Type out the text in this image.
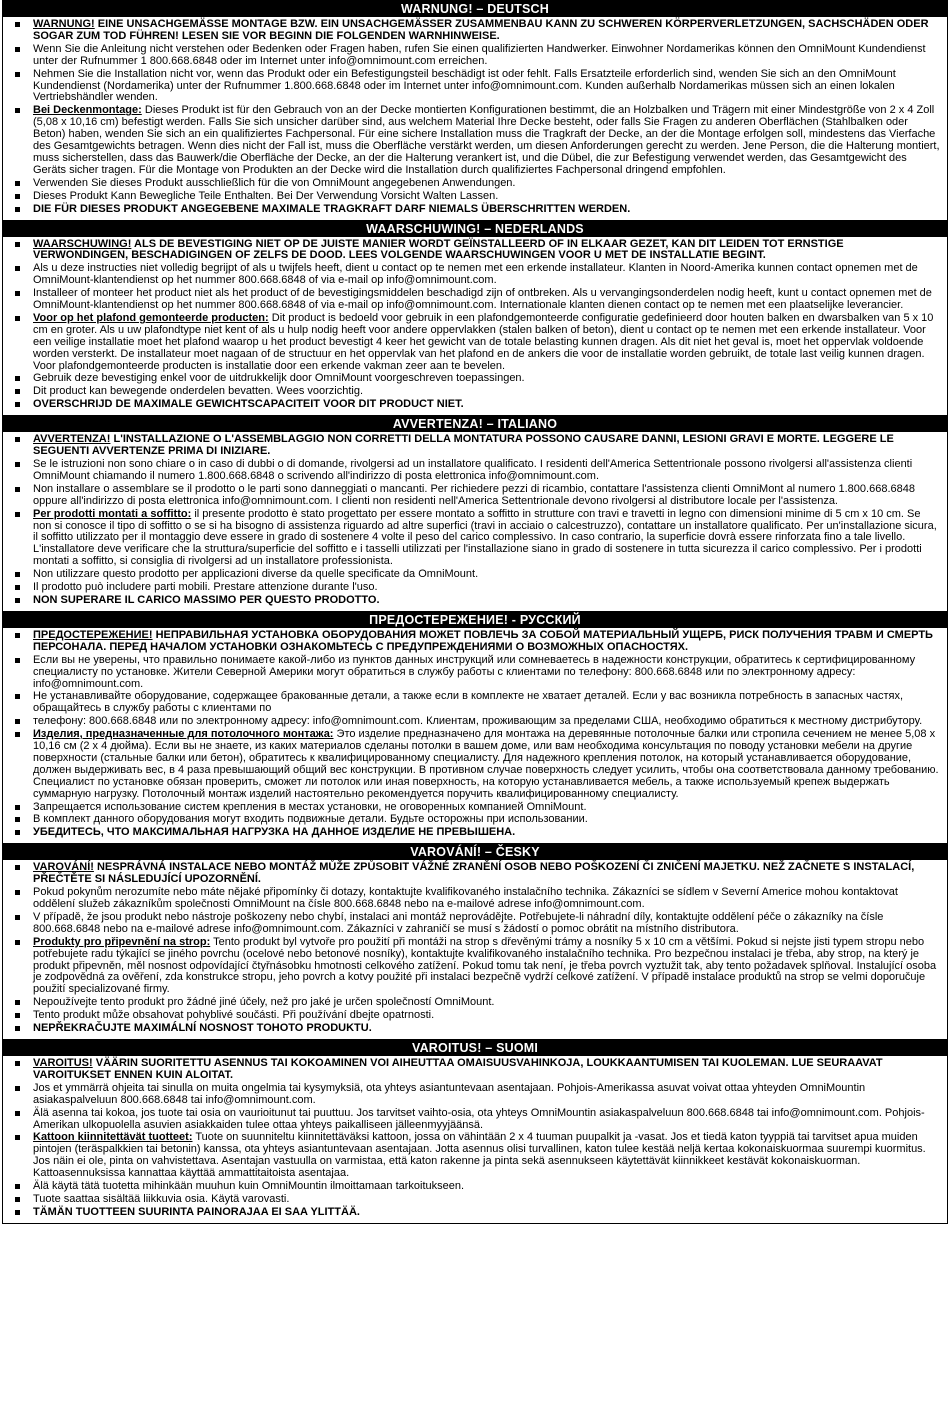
WARNUNG! – DEUTSCH
WARNUNG! EINE UNSACHGEMÄSSE MONTAGE BZW. EIN UNSACHGEMÄSSER ZUSAMMENBAU KANN ZU SCHWEREN KÖRPERVERLETZUNGEN, SACHSCHÄDEN ODER SOGAR ZUM TOD FÜHREN! LESEN SIE VOR BEGINN DIE FOLGENDEN WARNHINWEISE.
Wenn Sie die Anleitung nicht verstehen oder Bedenken oder Fragen haben, rufen Sie einen qualifizierten Handwerker. Einwohner Nordamerikas können den OmniMount Kundendienst unter der Rufnummer 1 800.668.6848 oder im Internet unter info@omnimount.com erreichen.
Nehmen Sie die Installation nicht vor, wenn das Produkt oder ein Befestigungsteil beschädigt ist oder fehlt. Falls Ersatzteile erforderlich sind, wenden Sie sich an den OmniMount Kundendienst (Nordamerika) unter der Rufnummer 1.800.668.6848 oder im Internet unter info@omnimount.com. Kunden außerhalb Nordamerikas müssen sich an einen lokalen Vertriebshändler wenden.
Bei Deckenmontage: Dieses Produkt ist für den Gebrauch von an der Decke montierten Konfigurationen bestimmt, die an Holzbalken und Trägern mit einer Mindestgröße von 2 x 4 Zoll (5,08 x 10,16 cm) befestigt werden. Falls Sie sich unsicher darüber sind, aus welchem Material Ihre Decke besteht, oder falls Sie Fragen zu anderen Oberflächen (Stahlbalken oder Beton) haben, wenden Sie sich an ein qualifiziertes Fachpersonal. Für eine sichere Installation muss die Tragkraft der Decke, an der die Montage erfolgen soll, mindestens das Vierfache des Gesamtgewichts betragen. Wenn dies nicht der Fall ist, muss die Oberfläche verstärkt werden, um diesen Anforderungen gerecht zu werden. Jene Person, die die Halterung montiert, muss sicherstellen, dass das Bauwerk/die Oberfläche der Decke, an der die Halterung verankert ist, und die Dübel, die zur Befestigung verwendet werden, das Gesamtgewicht des Geräts sicher tragen. Für die Montage von Produkten an der Decke wird die Installation durch qualifiziertes Fachpersonal dringend empfohlen.
Verwenden Sie dieses Produkt ausschließlich für die von OmniMount angegebenen Anwendungen.
Dieses Produkt Kann Bewegliche Teile Enthalten. Bei Der Verwendung Vorsicht Walten Lassen.
DIE FÜR DIESES PRODUKT ANGEGEBENE MAXIMALE TRAGKRAFT DARF NIEMALS ÜBERSCHRITTEN WERDEN.
WAARSCHUWING! – NEDERLANDS
WAARSCHUWING! ALS DE BEVESTIGING NIET OP DE JUISTE MANIER WORDT GEÏNSTALLEERD OF IN ELKAAR GEZET, KAN DIT LEIDEN TOT ERNSTIGE VERWONDINGEN, BESCHADIGINGEN OF ZELFS DE DOOD. LEES VOLGENDE WAARSCHUWINGEN VOOR U MET DE INSTALLATIE BEGINT.
Als u deze instructies niet volledig begrijpt of als u twijfels heeft, dient u contact op te nemen met een erkende installateur. Klanten in Noord-Amerika kunnen contact opnemen met de OmniMount-klantendienst op het nummer 800.668.6848 of via e-mail op info@omnimount.com.
Installeer of monteer het product niet als het product of de bevestigingsmiddelen beschadigd zijn of ontbreken. Als u vervangingsonderdelen nodig heeft, kunt u contact opnemen met de OmniMount-klantendienst op het nummer 800.668.6848 of via e-mail op info@omnimount.com. Internationale klanten dienen contact op te nemen met een plaatselijke leverancier.
Voor op het plafond gemonteerde producten: Dit product is bedoeld voor gebruik in een plafondgemonteerde configuratie gedefinieerd door houten balken en dwarsbalken van 5 x 10 cm en groter. Als u uw plafondtype niet kent of als u hulp nodig heeft voor andere oppervlakken (stalen balken of beton), dient u contact op te nemen met een erkende installateur. Voor een veilige installatie moet het plafond waarop u het product bevestigt 4 keer het gewicht van de totale belasting kunnen dragen. Als dit niet het geval is, moet het oppervlak voldoende worden versterkt. De installateur moet nagaan of de structuur en het oppervlak van het plafond en de ankers die voor de installatie worden gebruikt, de totale last veilig kunnen dragen. Voor plafondgemonteerde producten is installatie door een erkende vakman zeer aan te bevelen.
Gebruik deze bevestiging enkel voor de uitdrukkelijk door OmniMount voorgeschreven toepassingen.
Dit product kan bewegende onderdelen bevatten. Wees voorzichtig.
OVERSCHRIJD DE MAXIMALE GEWICHTSCAPACITEIT VOOR DIT PRODUCT NIET.
AVVERTENZA! – ITALIANO
AVVERTENZA! L'INSTALLAZIONE O L'ASSEMBLAGGIO NON CORRETTI DELLA MONTATURA POSSONO CAUSARE DANNI, LESIONI GRAVI E MORTE. LEGGERE LE SEGUENTI AVVERTENZE PRIMA DI INIZIARE.
Se le istruzioni non sono chiare o in caso di dubbi o di domande, rivolgersi ad un installatore qualificato. I residenti dell'America Settentrionale possono rivolgersi all'assistenza clienti OmniMount chiamando il numero 1.800.668.6848 o scrivendo all'indirizzo di posta elettronica info@omnimount.com.
Non installare o assemblare se il prodotto o le parti sono danneggiati o mancanti. Per richiedere pezzi di ricambio, contattare l'assistenza clienti OmniMont al numero 1.800.668.6848 oppure all'indirizzo di posta elettronica info@omnimount.com. I clienti non residenti nell'America Settentrionale devono rivolgersi al distributore locale per l'assistenza.
Per prodotti montati a soffitto: il presente prodotto è stato progettato per essere montato a soffitto in strutture con travi e travetti in legno con dimensioni minime di 5 cm x 10 cm. Se non si conosce il tipo di soffitto o se si ha bisogno di assistenza riguardo ad altre superfici (travi in acciaio o calcestruzzo), contattare un installatore qualificato. Per un'installazione sicura, il soffitto utilizzato per il montaggio deve essere in grado di sostenere 4 volte il peso del carico complessivo. In caso contrario, la superficie dovrà essere rinforzata fino a tale livello. L'installatore deve verificare che la struttura/superficie del soffitto e i tasselli utilizzati per l'installazione siano in grado di sostenere in tutta sicurezza il carico complessivo. Per i prodotti montati a soffitto, si consiglia di rivolgersi ad un installatore professionista.
Non utilizzare questo prodotto per applicazioni diverse da quelle specificate da OmniMount.
Il prodotto può includere parti mobili. Prestare attenzione durante l'uso.
NON SUPERARE IL CARICO MASSIMO PER QUESTO PRODOTTO.
ПРЕДОСТЕРЕЖЕНИЕ! - РУССКИЙ
ПРЕДОСТЕРЕЖЕНИЕ! НЕПРАВИЛЬНАЯ УСТАНОВКА ОБОРУДОВАНИЯ МОЖЕТ ПОВЛЕЧЬ ЗА СОБОЙ МАТЕРИАЛЬНЫЙ УЩЕРБ, РИСК ПОЛУЧЕНИЯ ТРАВМ И СМЕРТЬ ПЕРСОНАЛА. ПЕРЕД НАЧАЛОМ УСТАНОВКИ ОЗНАКОМЬТЕСЬ С ПРЕДУПРЕЖДЕНИЯМИ О ВОЗМОЖНЫХ ОПАСНОСТЯХ.
Если вы не уверены, что правильно понимаете какой-либо из пунктов данных инструкций или сомневаетесь в надежности конструкции, обратитесь к сертифицированному специалисту по установке. Жители Северной Америки могут обратиться в службу работы с клиентами по телефону: 800.668.6848 или по электронному адресу: info@omnimount.com.
Не устанавливайте оборудование, содержащее бракованные детали, а также если в комплекте не хватает деталей. Если у вас возникла потребность в запасных частях, обращайтесь в службу работы с клиентами по
телефону: 800.668.6848 или по электронному адресу: info@omnimount.com. Клиентам, проживающим за пределами США, необходимо обратиться к местному дистрибутору.
Изделия, предназначенные для потолочного монтажа: Это изделие предназначено для монтажа на деревянные потолочные балки или стропила сечением не менее 5,08 x 10,16 см (2 x 4 дюйма). Если вы не знаете, из каких материалов сделаны потолки в вашем доме, или вам необходима консультация по поводу установки мебели на другие поверхности (стальные балки или бетон), обратитесь к квалифицированному специалисту. Для надежного крепления потолок, на который устанавливается оборудование, должен выдерживать вес, в 4 раза превышающий общий вес конструкции. В противном случае поверхность следует усилить, чтобы она соответствовала данному требованию. Специалист по установке обязан проверить, сможет ли потолок или иная поверхность, на которую устанавливается мебель, а также используемый крепеж выдержать суммарную нагрузку. Потолочный монтаж изделий настоятельно рекомендуется поручить квалифицированному специалисту.
Запрещается использование систем крепления в местах установки, не оговоренных компанией OmniMount.
В комплект данного оборудования могут входить подвижные детали. Будьте осторожны при использовании.
УБЕДИТЕСЬ, ЧТО МАКСИМАЛЬНАЯ НАГРУЗКА НА ДАННОЕ ИЗДЕЛИЕ НЕ ПРЕВЫШЕНА.
VAROVÁNÍ! – ČESKY
VAROVÁNÍ! NESPRÁVNÁ INSTALACE NEBO MONTÁŽ MŮŽE ZPŮSOBIT VÁŽNÉ ZRANĚNÍ OSOB NEBO POŠKOZENÍ ČI ZNIČENÍ MAJETKU. NEŽ ZAČNETE S INSTALACÍ, PŘEČTĚTE SI NÁSLEDUJÍCÍ UPOZORNĚNÍ.
Pokud pokynům nerozumíte nebo máte nějaké připomínky či dotazy, kontaktujte kvalifikovaného instalačního technika. Zákazníci se sídlem v Severní Americe mohou kontaktovat oddělení služeb zákazníkům společnosti OmniMount na čísle 800.668.6848 nebo na e-mailové adrese info@omnimount.com.
V případě, že jsou produkt nebo nástroje poškozeny nebo chybí, instalaci ani montáž neprovádějte. Potřebujete-li náhradní díly, kontaktujte oddělení péče o zákazníky na čísle 800.668.6848 nebo na e-mailové adrese info@omnimount.com. Zákazníci v zahraničí se musí s žádostí o pomoc obrátit na místního distributora.
Produkty pro připevnění na strop: Tento produkt byl vytvoře pro použití při montáži na strop s dřevěnými trámy a nosníky 5 x 10 cm a většími. Pokud si nejste jisti typem stropu nebo potřebujete radu týkající se jiného povrchu (ocelové nebo betonové nosníky), kontaktujte kvalifikovaného instalačního technika. Pro bezpečnou instalaci je třeba, aby strop, na který je produkt připevněn, měl nosnost odpovídající čtyřnásobku hmotnosti celkového zatížení. Pokud tomu tak není, je třeba povrch vyztužit tak, aby tento požadavek splňoval. Instalující osoba je zodpovědná za ověření, zda konstrukce stropu, jeho povrch a kotvy použité při instalaci bezpečně vydrží celkové zatížení. V případě instalace produktů na strop se velmi doporučuje použití specializované firmy.
Nepoužívejte tento produkt pro žádné jiné účely, než pro jaké je určen společností OmniMount.
Tento produkt může obsahovat pohyblivé součásti. Při používání dbejte opatrnosti.
NEPŘEKRAČUJTE MAXIMÁLNÍ NOSNOST TOHOTO PRODUKTU.
VAROITUS! – SUOMI
VAROITUS! VÄÄRIN SUORITETTU ASENNUS TAI KOKOAMINEN VOI AIHEUTTAA OMAISUUSVAHINKOJA, LOUKKAANTUMISEN TAI KUOLEMAN. LUE SEURAAVAT VAROITUKSET ENNEN KUIN ALOITAT.
Jos et ymmärrä ohjeita tai sinulla on muita ongelmia tai kysymyksiä, ota yhteys asiantuntevaan asentajaan. Pohjois-Amerikassa asuvat voivat ottaa yhteyden OmniMountin asiakaspalveluun 800.668.6848 tai info@omnimount.com.
Älä asenna tai kokoa, jos tuote tai osia on vaurioitunut tai puuttuu. Jos tarvitset vaihto-osia, ota yhteys OmniMountin asiakaspalveluun 800.668.6848 tai info@omnimount.com. Pohjois-Amerikan ulkopuolella asuvien asiakkaiden tulee ottaa yhteys paikalliseen jälleenmyyjäänsä.
Kattoon kiinnitettävät tuotteet: Tuote on suunniteltu kiinnitettäväksi kattoon, jossa on vähintään 2 x 4 tuuman puupalkit ja -vasat. Jos et tiedä katon tyyppiä tai tarvitset apua muiden pintojen (teräspalkkien tai betonin) kanssa, ota yhteys asiantuntevaan asentajaan. Jotta asennus olisi turvallinen, katon tulee kestää neljä kertaa kokonaiskuormaa suurempi kuormitus. Jos näin ei ole, pinta on vahvistettava. Asentajan vastuulla on varmistaa, että katon rakenne ja pinta sekä asennukseen käytettävät kiinnikkeet kestävät kokonaiskuorman. Kattoasennuksissa kannattaa käyttää ammattitaitoista asentajaa.
Älä käytä tätä tuotetta mihinkään muuhun kuin OmniMountin ilmoittamaan tarkoitukseen.
Tuote saattaa sisältää liikkuvia osia. Käytä varovasti.
TÄMÄN TUOTTEEN SUURINTA PAINORAJAA EI SAA YLITTÄÄ.
